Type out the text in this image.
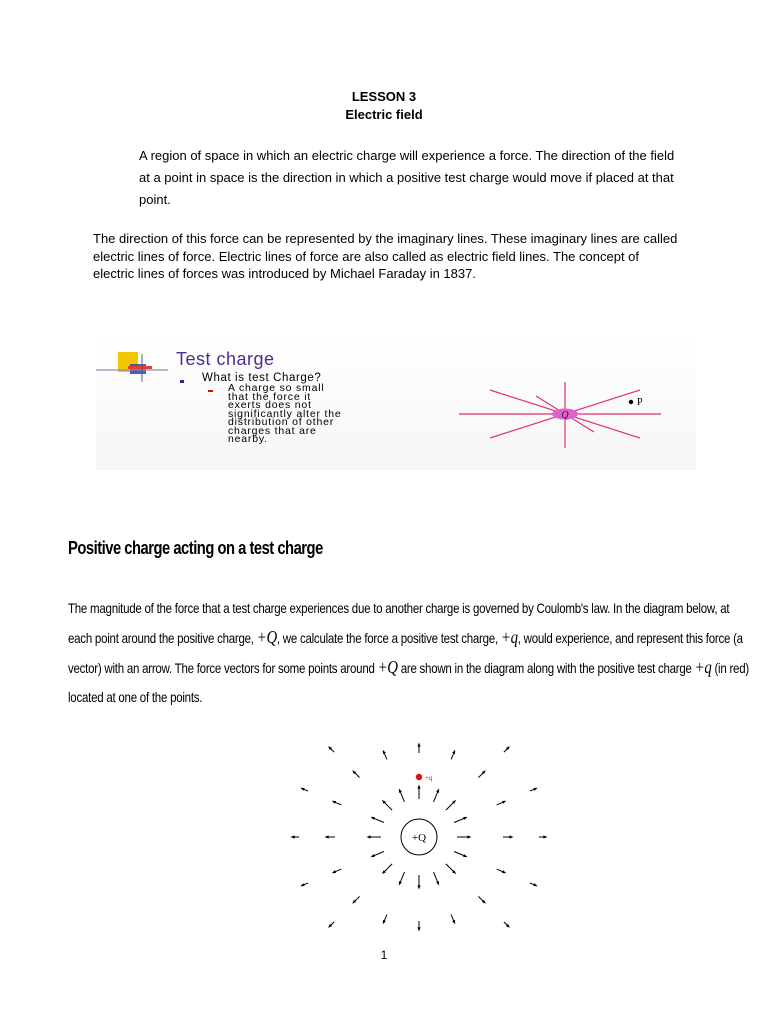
LESSON 3
Electric field
A region of space in which an electric charge will experience a force. The direction of the field at a point in space is the direction in which a positive test charge would move if placed at that point.
The direction of this force can be represented by the imaginary lines. These imaginary lines are called electric lines of force. Electric lines of force are also called as electric field lines. The concept of electric lines of forces was introduced by Michael Faraday in 1837.
Q
P
Test charge
What is test Charge?
A charge so small
that the force it
exerts does not
significantly alter the
distribution of other
charges that are
nearby.
Positive charge acting on a test charge
The magnitude of the force that a test charge experiences due to another charge is governed by Coulomb's law. In the diagram below, at each point around the positive charge, +Q, we calculate the force a positive test charge, +q, would experience, and represent this force (a vector) with an arrow. The force vectors for some points around +Q are shown in the diagram along with the positive test charge +q (in red) located at one of the points.
+Q
+q
1
